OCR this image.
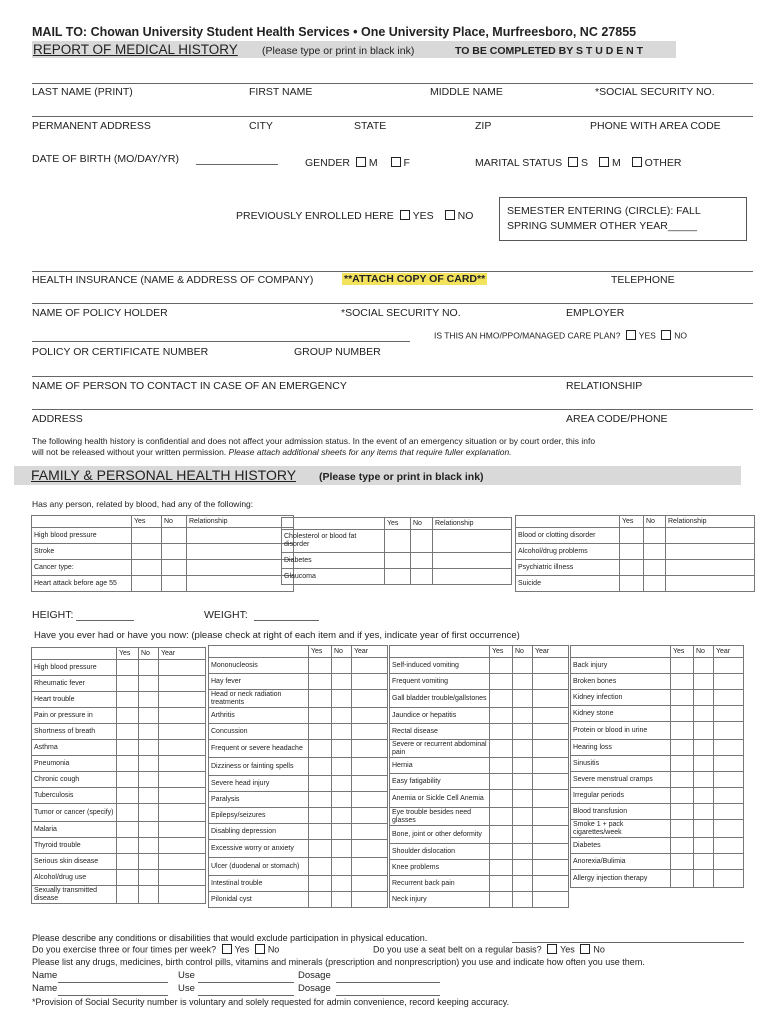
MAIL TO: Chowan University Student Health Services • One University Place, Murfreesboro, NC 27855
REPORT OF MEDICAL HISTORY (Please type or print in black ink)	TO BE COMPLETED BY S T U D E N T
LAST NAME (PRINT)	FIRST NAME	MIDDLE NAME	*SOCIAL SECURITY NO.
PERMANENT ADDRESS	CITY	STATE	ZIP	PHONE WITH AREA CODE
DATE OF BIRTH (MO/DAY/YR)	GENDER M F	MARITAL STATUS S M OTHER
PREVIOUSLY ENROLLED HERE YES NO	SEMESTER ENTERING (CIRCLE): FALL
SPRING SUMMER OTHER YEAR_____
HEALTH INSURANCE (NAME & ADDRESS OF COMPANY)	**ATTACH COPY OF CARD**	TELEPHONE
NAME OF POLICY HOLDER	*SOCIAL SECURITY NO.	EMPLOYER
IS THIS AN HMO/PPO/MANAGED CARE PLAN? YES NO
POLICY OR CERTIFICATE NUMBER	GROUP NUMBER
NAME OF PERSON TO CONTACT IN CASE OF AN EMERGENCY	RELATIONSHIP
ADDRESS	AREA CODE/PHONE
The following health history is confidential and does not affect your admission status. In the event of an emergency situation or by court order, this info
will not be released without your written permission. Please attach additional sheets for any items that require fuller explanation.
FAMILY & PERSONAL HEALTH HISTORY (Please type or print in black ink)
Has any person, related by blood, had any of the following:
	Yes	No	Relationship
High blood pressure			
Stroke			
Cancer type:			
Heart attack before age 55			
	Yes	No	Relationship
Cholesterol or blood fat disorder			
Diabetes			
Glaucoma			
	Yes	No	Relationship
Blood or clotting disorder			
Alcohol/drug problems			
Psychiatric illness			
Suicide			
HEIGHT:	WEIGHT:
Have you ever had or have you now: (please check at right of each item and if yes, indicate year of first occurrence)
	Yes	No	Year
High blood pressure			
Rheumatic fever			
Heart trouble			
Pain or pressure in			
Shortness of breath			
Asthma			
Pneumonia			
Chronic cough			
Tuberculosis			
Tumor or cancer (specify)			
Malaria			
Thyroid trouble			
Serious skin disease			
Alcohol/drug use			
Sexually transmitted disease			
	Yes	No	Year
Mononucleosis			
Hay fever			
Head or neck radiation treatments			
Arthritis			
Concussion			
Frequent or severe headache			
Dizziness or fainting spells			
Severe head injury			
Paralysis			
Epilepsy/seizures			
Disabling depression			
Excessive worry or anxiety			
Ulcer (duodenal or stomach)			
Intestinal trouble			
Pilonidal cyst			
	Yes	No	Year
Self-induced vomiting			
Frequent vomiting			
Gall bladder trouble/gallstones			
Jaundice or hepatitis			
Rectal disease			
Severe or recurrent abdominal pain			
Hernia			
Easy fatigability			
Anemia or Sickle Cell Anemia			
Eye trouble besides need glasses			
Bone, joint or other deformity			
Shoulder dislocation			
Knee problems			
Recurrent back pain			
Neck injury			
	Yes	No	Year
Back injury			
Broken bones			
Kidney infection			
Kidney stone			
Protein or blood in urine			
Hearing loss			
Sinusitis			
Severe menstrual cramps			
Irregular periods			
Blood transfusion			
Smoke 1 + pack cigarettes/week			
Diabetes			
Anorexia/Bulimia			
Allergy injection therapy			
Please describe any conditions or disabilities that would exclude participation in physical education.
Do you exercise three or four times per week? Yes No	Do you use a seat belt on a regular basis? Yes No
Please list any drugs, medicines, birth control pills, vitamins and minerals (prescription and nonprescription) you use and indicate how often you use them.
Name	Use	Dosage
Name	Use	Dosage
*Provision of Social Security number is voluntary and solely requested for admin convenience, record keeping accuracy.
